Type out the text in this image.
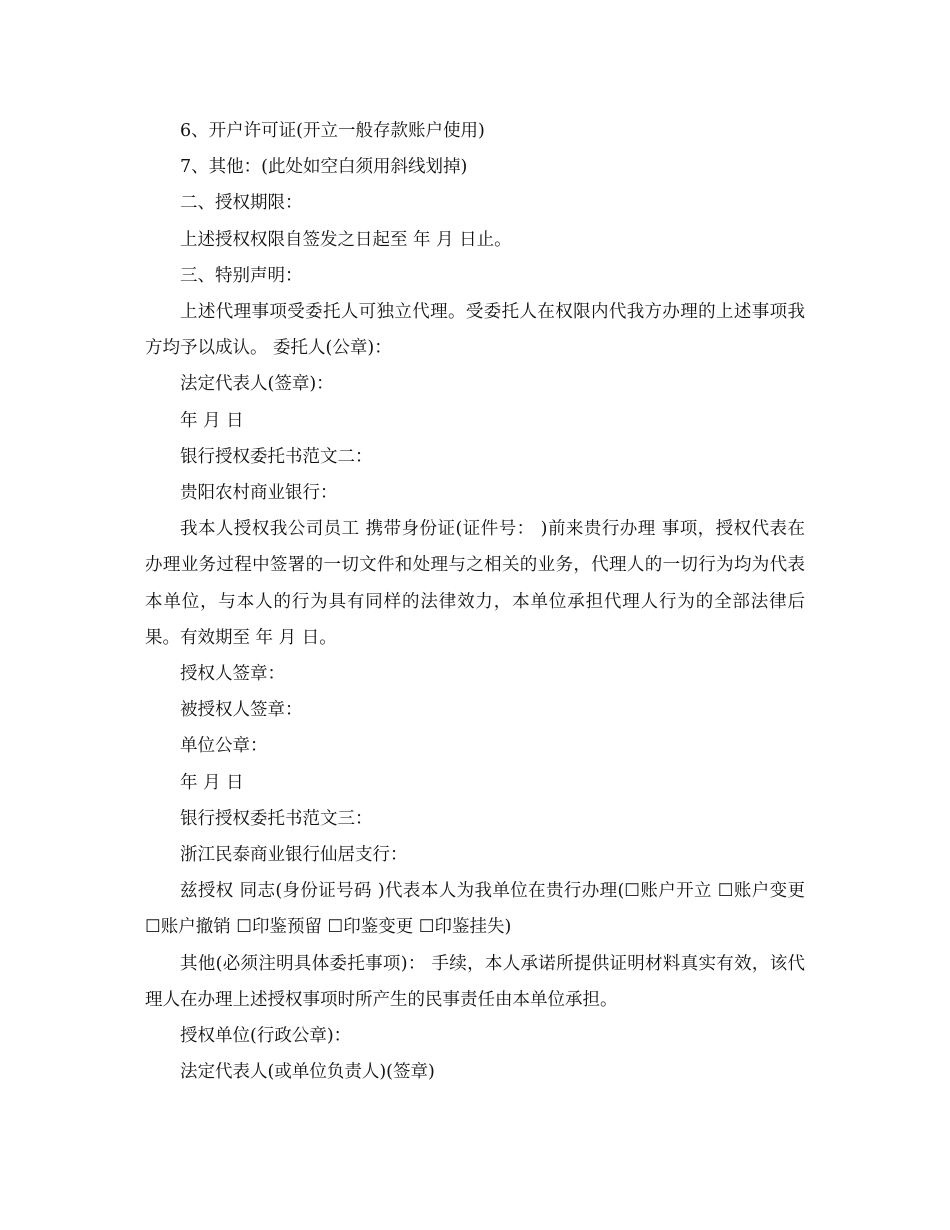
6、开户许可证(开立一般存款账户使用)

7、其他：(此处如空白须用斜线划掉)

二、授权期限：

上述授权权限自签发之日起至 年 月 日止。

三、特别声明：

上述代理事项受委托人可独立代理。受委托人在权限内代我方办理的上述事项我方均予以成认。 委托人(公章)：

法定代表人(签章)：

年 月 日

银行授权委托书范文二：

贵阳农村商业银行：

我本人授权我公司员工 携带身份证(证件号： )前来贵行办理 事项，授权代表在办理业务过程中签署的一切文件和处理与之相关的业务，代理人的一切行为均为代表本单位，与本人的行为具有同样的法律效力，本单位承担代理人行为的全部法律后果。有效期至 年 月 日。

授权人签章：

被授权人签章：

单位公章：

年 月 日

银行授权委托书范文三：

浙江民泰商业银行仙居支行：

兹授权 同志(身份证号码 )代表本人为我单位在贵行办理(☐账户开立 ☐账户变更 ☐账户撤销 ☐印鉴预留 ☐印鉴变更 ☐印鉴挂失)

其他(必须注明具体委托事项)： 手续，本人承诺所提供证明材料真实有效，该代理人在办理上述授权事项时所产生的民事责任由本单位承担。

授权单位(行政公章)：

法定代表人(或单位负责人)(签章)
